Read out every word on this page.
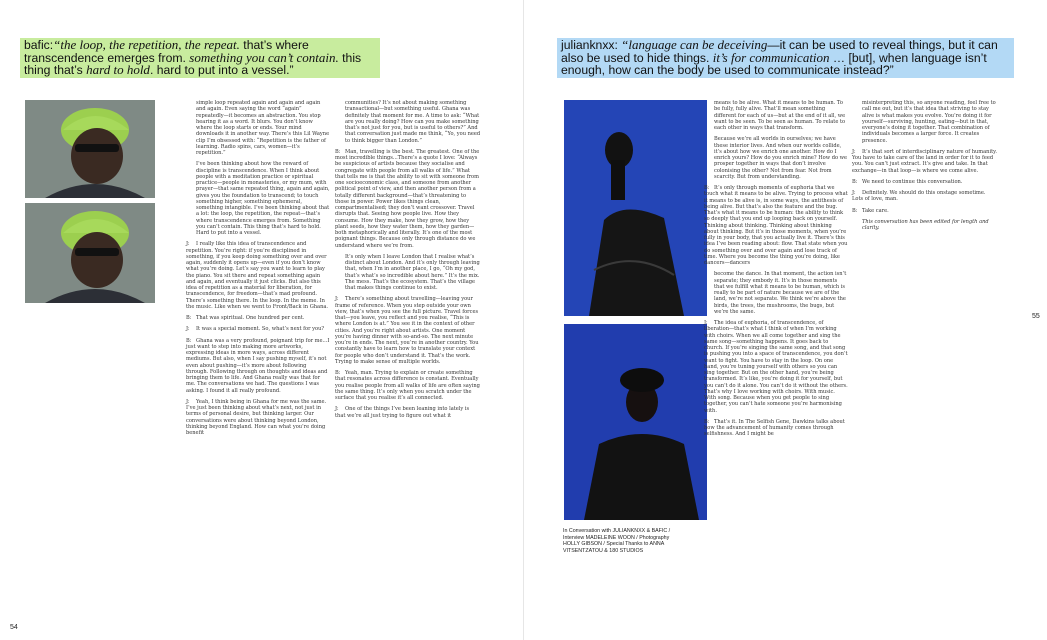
bafic:“the loop, the repetition, the repeat. that’s where transcendence emerges from. something you can’t contain. this thing that’s hard to hold. hard to put into a vessel.”

simple loop repeated again and again and again and again. Even saying the word “again” repeatedly—it becomes an abstraction. You stop hearing it as a word. It blurs. You don’t know where the loop starts or ends. Your mind downloads it in another way. There’s this Lil Wayne clip I’m obsessed with: “Repetition is the father of learning. Radio spins, cars, women—it’s repetition.”

I’ve been thinking about how the reward of discipline is transcendence. When I think about people with a meditation practice or spiritual practice—people in monasteries, or my mum, with prayer—that same repeated thing, again and again, gives you the foundation to transcend; to touch something higher, something ephemeral, something intangible. I’ve been thinking about that a lot: the loop, the repetition, the repeat—that’s where transcendence emerges from. Something you can’t contain. This thing that’s hard to hold. Hard to put into a vessel.

J: I really like this idea of transcendence and repetition. You’re right: if you’re disciplined in something, if you keep doing something over and over again, suddenly it opens up—even if you don’t know what you’re doing. Let’s say you want to learn to play the piano. You sit there and repeat something again and again, and eventually it just clicks. But also this idea of repetition as a material for liberation, for transcendence, for freedom—that’s mad profound. There’s something there. In the loop. In the meme. In the music. Like when we went to Front/Back in Ghana.

B: That was spiritual. One hundred per cent.

J: It was a special moment. So, what’s next for you?

B: Ghana was a very profound, poignant trip for me...I just want to step into making more artworks, expressing ideas in more ways, across different mediums. But also, when I say pushing myself, it’s not even about pushing—it’s more about following through. Following through on thoughts and ideas and bringing them to life. And Ghana really was that for me. The conversations we had. The questions I was asking. I found it all really profound.

J: Yeah, I think being in Ghana for me was the same. I’ve just been thinking about what’s next, not just in terms of personal desire, but thinking larger. Our conversations were about thinking beyond London, thinking beyond England. How can what you’re doing benefit

communities? It’s not about making something transactional—but something useful. Ghana was definitely that moment for me. A time to ask: “What are you really doing? How can you make something that’s not just for you, but is useful to others?” And that conversation just made me think, “Yo, you need to think bigger than London.”

B: Man, travelling is the best. The greatest. One of the most incredible things...There’s a quote I love: “Always be suspicious of artists because they socialise and congregate with people from all walks of life.” What that tells me is that the ability to sit with someone from one socioeconomic class, and someone from another political point of view, and then another person from a totally different background—that’s threatening to those in power. Power likes things clean, compartmentalised; they don’t want crossover. Travel disrupts that. Seeing how people live. How they consume. How they make, how they grow, how they plant seeds, how they water them, how they garden—both metaphorically and literally. It’s one of the most poignant things. Because only through distance do we understand where we’re from.

It’s only when I leave London that I realise what’s distinct about London. And it’s only through leaving that, when I’m in another place, I go, “Oh my god, that’s what’s so incredible about here.” It’s the mix. The mess. That’s the ecosystem. That’s the village that makes things continue to exist.

J: There’s something about travelling—leaving your frame of reference. When you step outside your own view, that’s when you see the full picture. Travel forces that—you leave, you reflect and you realise, “This is where London is at.” You see it in the context of other cities. And you’re right about artists. One moment you’re having dinner with so-and-so. The next minute you’re in ends. The next, you’re in another country. You constantly have to learn how to translate your context for people who don’t understand it. That’s the work. Trying to make sense of multiple worlds.

B: Yeah, man. Trying to explain or create something that resonates across difference is constant. Eventually you realise people from all walks of life are often saying the same thing. It’s only when you scratch under the surface that you realise it’s all connected.

J: One of the things I’ve been leaning into lately is that we’re all just trying to figure out what it

54
julianknxx: “language can be deceiving—it can be used to reveal things, but it can also be used to hide things. it’s for communication … [but], when language isn’t enough, how can the body be used to communicate instead?”
In Conversation with JULIANKNXX & BAFIC / Interview MADELEINE WOON / Photography HOLLY GIBSON / Special Thanks to ANNA VITSENTZATOU & 180 STUDIOS

means to be alive. What it means to be human. To be fully, fully alive. That’ll mean something different for each of us—but at the end of it all, we want to be seen. To be seen as human. To relate to each other in ways that transform.

Because we’re all worlds in ourselves; we have these interior lives. And when our worlds collide, it’s about how we enrich one another. How do I enrich yours? How do you enrich mine? How do we prosper together in ways that don’t involve colonising the other? Not from fear. Not from scarcity. But from understanding.

B: It’s only through moments of euphoria that we touch what it means to be alive. Trying to process what it means to be alive is, in some ways, the antithesis of being alive. But that’s also the feature and the bug. That’s what it means to be human: the ability to think so deeply that you end up looping back on yourself. Thinking about thinking. Thinking about thinking about thinking. But it’s in those moments, when you’re fully in your body, that you actually live it. There’s this idea I’ve been reading about: flow. That state when you do something over and over again and lose track of time. Where you become the thing you’re doing, like dancers—dancers

become the dance. In that moment, the action isn’t separate; they embody it. It’s in those moments that we fulfill what it means to be human, which is really to be part of nature because we are of the land, we’re not separate. We think we’re above the birds, the trees, the mushrooms, the bugs, but we’re the same.

J: The idea of euphoria, of transcendence, of liberation—that’s what I think of when I’m working with choirs. When we all come together and sing the same song—something happens. It goes back to church. If you’re singing the same song, and that song is pushing you into a space of transcendence, you don’t want to fight. You have to stay in the loop. On one hand, you’re tuning yourself with others so you can sing together. But on the other hand, you’re being transformed. It’s like, you’re doing it for yourself, but you can’t do it alone. You can’t do it without the others. That’s why I love working with choirs. With music. With song. Because when you get people to sing together, you can’t hate someone you’re harmonising with.

B: That’s it. In The Selfish Gene, Dawkins talks about how the advancement of humanity comes through selfishness. And I might be

misinterpreting this, so anyone reading, feel free to call me out, but it’s that idea that striving to stay alive is what makes you evolve. You’re doing it for yourself—surviving, hunting, eating—but in that, everyone’s doing it together. That combination of individuals becomes a larger force. It creates presence.

J: It’s that sort of interdisciplinary nature of humanity. You have to take care of the land in order for it to feed you. You can’t just extract. It’s give and take. In that exchange—in that loop—is where we come alive.

B: We need to continue this conversation.

J: Definitely. We should do this onstage sometime. Lots of love, man.

B: Take care.

This conversation has been edited for length and clarity.

55
